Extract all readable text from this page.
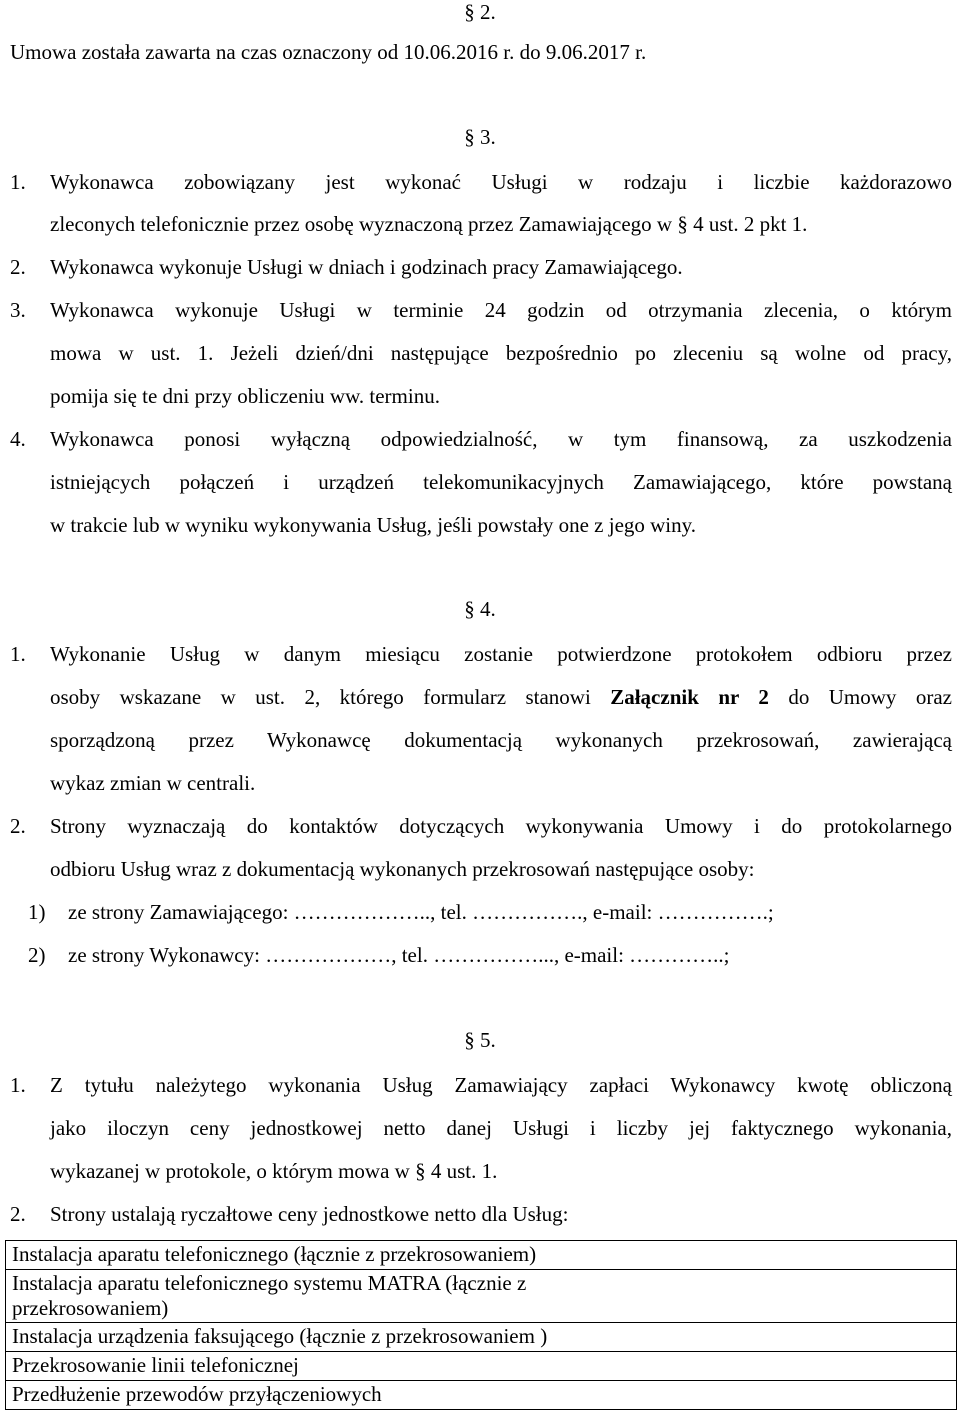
§ 2.
Umowa została zawarta na czas oznaczony od 10.06.2016 r. do 9.06.2017 r.
§ 3.
1. Wykonawca zobowiązany jest wykonać Usługi w rodzaju i liczbie każdorazowo
zleconych telefonicznie przez osobę wyznaczoną przez Zamawiającego w § 4 ust. 2 pkt 1.
2. Wykonawca wykonuje Usługi w dniach i godzinach pracy Zamawiającego.
3. Wykonawca wykonuje Usługi w terminie 24 godzin od otrzymania zlecenia, o którym
mowa w ust. 1. Jeżeli dzień/dni następujące bezpośrednio po zleceniu są wolne od pracy,
pomija się te dni przy obliczeniu ww. terminu.
4. Wykonawca ponosi wyłączną odpowiedzialność, w tym finansową, za uszkodzenia
istniejących połączeń i urządzeń telekomunikacyjnych Zamawiającego, które powstaną
w trakcie lub w wyniku wykonywania Usług, jeśli powstały one z jego winy.
§ 4.
1. Wykonanie Usług w danym miesiącu zostanie potwierdzone protokołem odbioru przez
osoby wskazane w ust. 2, którego formularz stanowi Załącznik nr 2 do Umowy oraz
sporządzoną przez Wykonawcę dokumentacją wykonanych przekrosowań, zawierającą
wykaz zmian w centrali.
2. Strony wyznaczają do kontaktów dotyczących wykonywania Umowy i do protokolarnego
odbioru Usług wraz z dokumentacją wykonanych przekrosowań następujące osoby:
1)	ze strony Zamawiającego: ……………….., tel. ……………., e-mail: …………….;
2)	ze strony Wykonawcy: ………………, tel. ……………..., e-mail: …………..;
§ 5.
1. Z tytułu należytego wykonania Usług Zamawiający zapłaci Wykonawcy kwotę obliczoną
jako iloczyn ceny jednostkowej netto danej Usługi i liczby jej faktycznego wykonania,
wykazanej w protokole, o którym mowa w § 4 ust. 1.
2. Strony ustalają ryczałtowe ceny jednostkowe netto dla Usług:
Instalacja aparatu telefonicznego (łącznie z przekrosowaniem)
Instalacja aparatu telefonicznego systemu MATRA (łącznie z
przekrosowaniem)
Instalacja urządzenia faksującego (łącznie z przekrosowaniem )
Przekrosowanie linii telefonicznej
Przedłużenie przewodów przyłączeniowych
